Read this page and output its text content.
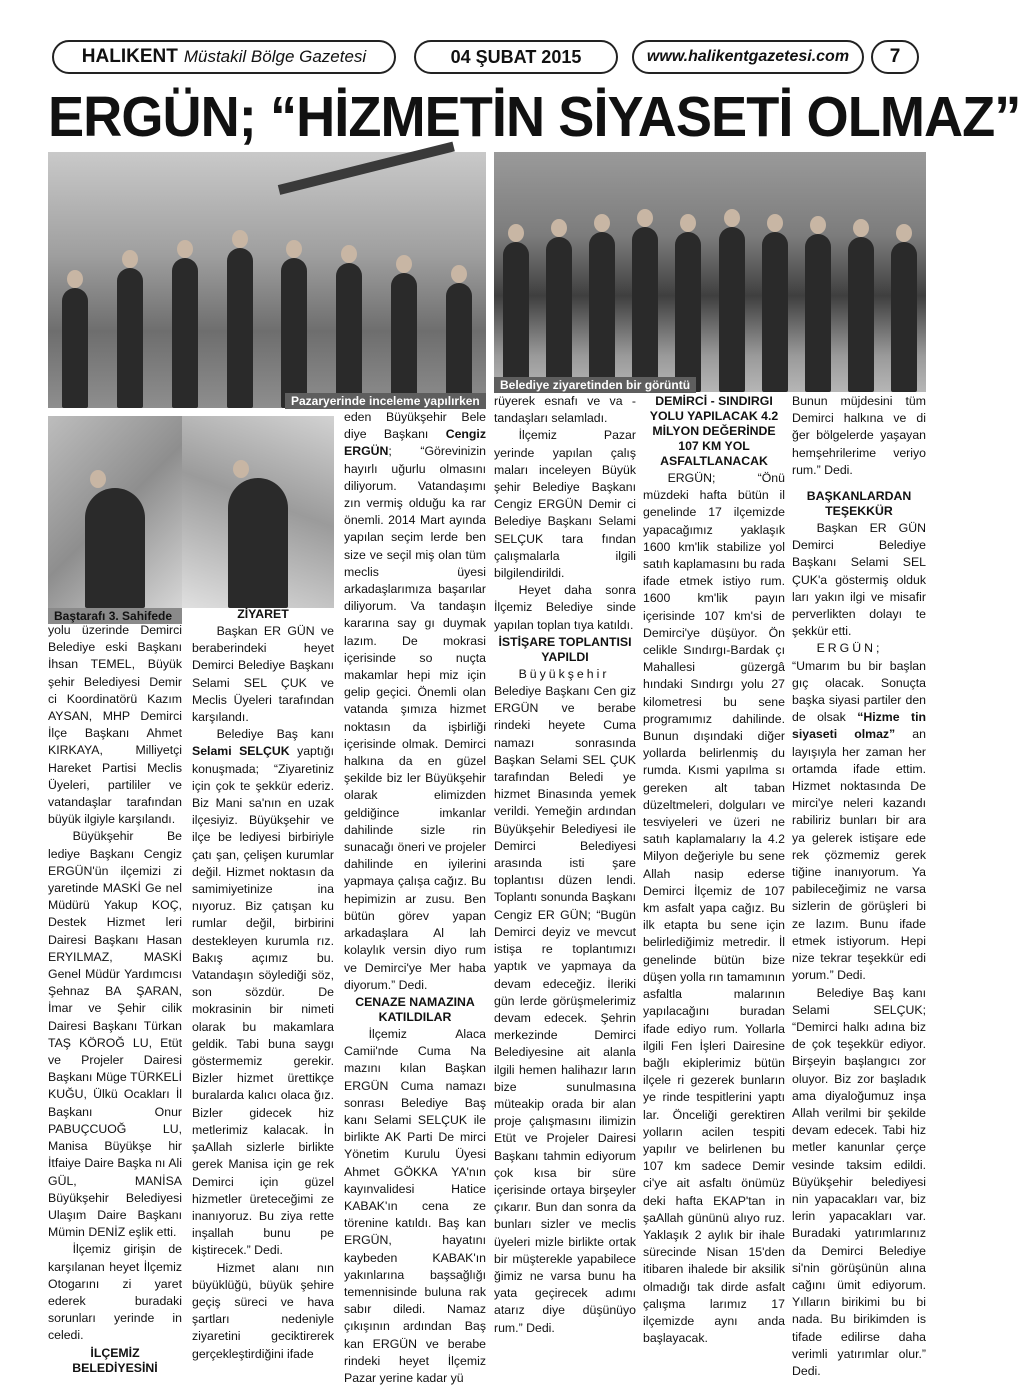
HALIKENT Müstakil Bölge Gazetesi	04 ŞUBAT 2015	www.halikentgazetesi.com	7
ERGÜN; “HİZMETİN SİYASETİ OLMAZ”
Pazaryerinde inceleme yapılırken
Belediye ziyaretinden bir görüntü
Baştarafı 3. Sahifede

yolu üzerinde Demirci Belediye eski Başkanı İhsan TEMEL, Büyük şehir Belediyesi Demir ci Koordinatörü Kazım AYSAN, MHP Demirci İlçe Başkanı Ahmet KIRKAYA, Milliyetçi Hareket Partisi Meclis Üyeleri, partililer ve vatandaşlar tarafından büyük ilgiyle karşılandı.

Büyükşehir Be lediye Başkanı Cengiz ERGÜN'ün ilçemizi zi yaretinde MASKİ Ge nel Müdürü Yakup KOÇ, Destek Hizmet leri Dairesi Başkanı Hasan ERYILMAZ, MASKİ Genel Müdür Yardımcısı Şehnaz BA ŞARAN, İmar ve Şehir cilik Dairesi Başkanı Türkan TAŞ KÖROĞ LU, Etüt ve Projeler Dairesi Başkanı Müge TÜRKELİ KUĞU, Ülkü Ocakları İl Başkanı Onur PABUÇCUOĞ LU, Manisa Büyükşe hir İtfaiye Daire Başka nı Ali GÜL, MANİSA Büyükşehir Belediyesi Ulaşım Daire Başkanı Mümin DENİZ eşlik etti.

İlçemiz girişin de karşılanan heyet İlçemiz Otogarını zi yaret ederek buradaki sorunları yerinde in celedi.

İLÇEMİZ BELEDİYESİNİ
ZİYARET

Başkan ER GÜN ve beraberindeki heyet Demirci Belediye Başkanı Selami SEL ÇUK ve Meclis Üyeleri tarafından karşılandı.

Belediye Baş kanı Selami SELÇUK yaptığı konuşmada; “Ziyaretiniz için çok te şekkür ederiz. Biz Mani sa'nın en uzak ilçesiyiz. Büyükşehir ve ilçe be lediyesi birbiriyle çatı şan, çelişen kurumlar değil. Hizmet noktasın da samimiyetinize ina nıyoruz. Biz çatışan ku rumlar değil, birbirini destekleyen kurumla rız. Bakış açımız bu. Vatandaşın söylediği söz, son sözdür. De mokrasinin bir nimeti olarak bu makamlara geldik. Tabi buna saygı göstermemiz gerekir. Bizler hizmet ürettikçe buralarda kalıcı olaca ğız. Bizler gidecek hiz metlerimiz kalacak. İn şaAllah sizlerle birlikte gerek Manisa için ge rek Demirci için güzel hizmetler üreteceğimi ze inanıyoruz. Bu ziya rette inşallah bunu pe kiştirecek.” Dedi.

Hizmet alanı nın büyüklüğü, büyük şehire geçiş süreci ve hava şartları nedeniyle ziyaretini geciktirerek gerçekleştirdiğini ifade

eden Büyükşehir Bele diye Başkanı Cengiz ERGÜN; “Görevinizin hayırlı uğurlu olmasını diliyorum. Vatandaşımı zın vermiş olduğu ka rar önemli. 2014 Mart ayında yapılan seçim lerde ben size ve seçil miş olan tüm meclis üyesi arkadaşlarımıza başarılar diliyorum. Va tandaşın kararına say gı duymak lazım. De mokrasi içerisinde so nuçta makamlar hepi miz için gelip geçici. Önemli olan vatanda şımıza hizmet noktasın da işbirliği içerisinde olmak. Demirci halkına da en güzel şekilde biz ler Büyükşehir olarak elimizden geldiğince imkanlar dahilinde sizle rin sunacağı öneri ve projeler dahilinde en iyilerini yapmaya çalışa cağız. Bu hepimizin ar zusu. Ben bütün görev yapan arkadaşlara Al lah kolaylık versin diyo rum ve Demirci'ye Mer haba diyorum.” Dedi.

CENAZE NAMAZINA KATILDILAR

İlçemiz Alaca Camii'nde Cuma Na mazını kılan Başkan ERGÜN Cuma namazı sonrası Belediye Baş kanı Selami SELÇUK ile birlikte AK Parti De mirci Yönetim Kurulu Üyesi Ahmet GÖKKA YA'nın kayınvalidesi Hatice KABAK'ın cena ze törenine katıldı. Baş kan ERGÜN, hayatını kaybeden KABAK'ın yakınlarına başsağlığı temennisinde buluna rak sabır diledi. Namaz çıkışının ardından Baş kan ERGÜN ve berabe rindeki heyet İlçemiz Pazar yerine kadar yü

rüyerek esnafı ve va - tandaşları selamladı.

İlçemiz Pazar yerinde yapılan çalış maları inceleyen Büyük şehir Belediye Başkanı Cengiz ERGÜN Demir ci Belediye Başkanı Selami SELÇUK tara fından çalışmalarla ilgili bilgilendirildi.

Heyet daha sonra İlçemiz Belediye sinde yapılan toplan tıya katıldı.

İSTİŞARE TOPLANTISI YAPILDI

Büyükşehir Belediye Başkanı Cen giz ERGÜN ve berabe rindeki heyete Cuma namazı sonrasında Başkan Selami SEL ÇUK tarafından Beledi ye hizmet Binasında yemek verildi. Yemeğin ardından Büyükşehir Belediyesi ile Demirci Belediyesi arasında isti şare toplantısı düzen lendi. Toplantı sonunda Başkanı Cengiz ER GÜN; “Bugün Demirci deyiz ve mevcut istişa re toplantımızı yaptık ve yapmaya da devam edeceğiz. İleriki gün lerde görüşmelerimiz devam edecek. Şehrin merkezinde Demirci Belediyesine ait alanla ilgili hemen halihazır ların bize sunulmasına müteakip orada bir alan proje çalışmasını ilimizin Etüt ve Projeler Dairesi Başkanı tahmin ediyorum çok kısa bir süre içerisinde ortaya birşeyler çıkarır. Bun dan sonra da bunları sizler ve meclis üyeleri mizle birlikte ortak bir müşterekle yapabilece ğimiz ne varsa bunu ha yata geçirecek adımı atarız diye düşünüyo rum.” Dedi.

DEMİRCİ - SINDIRGI YOLU YAPILACAK 4.2 MİLYON DEĞERİNDE 107 KM YOL ASFALTLANACAK

ERGÜN; “Önü müzdeki hafta bütün il genelinde 17 ilçemizde yapacağımız yaklaşık 1600 km'lik stabilize yol satıh kaplamasını bu rada ifade etmek istiyo rum. 1600 km'lik payın içerisinde 107 km'si de Demirci'ye düşüyor. Ön celikle Sındırgı-Bardak çı Mahallesi güzergâ hındaki Sındırgı yolu 27 kilometresi bu sene programımız dahilinde. Bunun dışındaki diğer yollarda belirlenmiş du rumda. Kısmi yapılma sı gereken alt taban düzeltmeleri, dolguları ve tesviyeleri ve üzeri ne satıh kaplamalarıy la 4.2 Milyon değeriyle bu sene Allah nasip ederse Demirci İlçemiz de 107 km asfalt yapa cağız. Bu ilk etapta bu sene için belirlediğimiz metredir. İl genelinde bütün bize düşen yolla rın tamamının asfaltla malarının yapılacağını buradan ifade ediyo rum. Yollarla ilgili Fen İşleri Dairesine bağlı ekiplerimiz bütün ilçele ri gezerek bunların ye rinde tespitlerini yaptı lar. Önceliği gerektiren yolların acilen tespiti yapılır ve belirlenen bu 107 km sadece Demir ci'ye ait asfaltı önümüz deki hafta EKAP'tan in şaAllah gününü alıyo ruz. Yaklaşık 2 aylık bir ihale sürecinde Nisan 15'den itibaren ihalede bir aksilik olmadığı tak dirde asfalt çalışma larımız 17 ilçemizde aynı anda başlayacak.

Bunun müjdesini tüm Demirci halkına ve di ğer bölgelerde yaşayan hemşehrilerime veriyo rum.” Dedi.

BAŞKANLARDAN TEŞEKKÜR

Başkan ER GÜN Demirci Belediye Başkanı Selami SEL ÇUK'a göstermiş olduk ları yakın ilgi ve misafir perverlikten dolayı te şekkür etti.

ERGÜN; “Umarım bu bir başlan gıç olacak. Sonuçta başka siyasi partiler den de olsak “Hizme tin siyaseti olmaz” an layışıyla her zaman her ortamda ifade ettim. Hizmet noktasında De mirci'ye neleri kazandı rabiliriz bunları bir ara ya gelerek istişare ede rek çözmemiz gerek tiğine inanıyorum. Ya pabileceğimiz ne varsa sizlerin de görüşleri bi ze lazım. Bunu ifade etmek istiyorum. Hepi nize tekrar teşekkür edi yorum.” Dedi.

Belediye Baş kanı Selami SELÇUK; “Demirci halkı adına biz de çok teşekkür ediyor. Birşeyin başlangıcı zor oluyor. Biz zor başladık ama diyaloğumuz inşa Allah verilmi bir şekilde devam edecek. Tabi hiz metler kanunlar çerçe vesinde taksim edildi. Büyükşehir belediyesi nin yapacakları var, biz lerin yapacakları var. Buradaki yatırımlarınız da Demirci Belediye si'nin görüşünün alına cağını ümit ediyorum. Yılların birikimi bu bi nada. Bu birikimden is tifade edilirse daha verimli yatırımlar olur.” Dedi.
